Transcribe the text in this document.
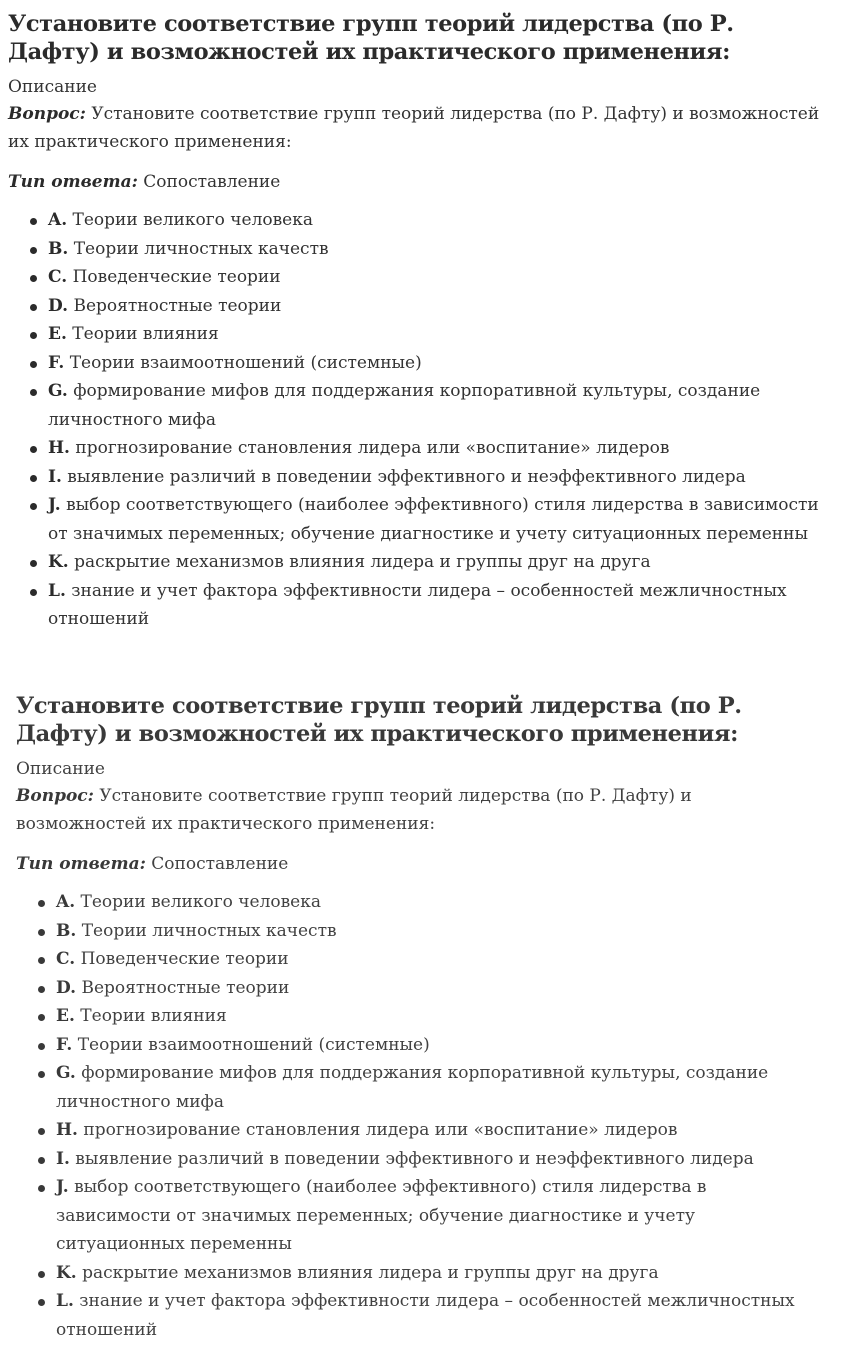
Установите соответствие групп теорий лидерства (по Р. Дафту) и возможностей их практического применения:

Описание

Вопрос: Установите соответствие групп теорий лидерства (по Р. Дафту) и возможностей их практического применения:

Тип ответа: Сопоставление

A. Теории великого человека
B. Теории личностных качеств
C. Поведенческие теории
D. Вероятностные теории
E. Теории влияния
F. Теории взаимоотношений (системные)
G. формирование мифов для поддержания корпоративной культуры, создание личностного мифа
H. прогнозирование становления лидера или «воспитание» лидеров
I. выявление различий в поведении эффективного и неэффективного лидера
J. выбор соответствующего (наиболее эффективного) стиля лидерства в зависимости от значимых переменных; обучение диагностике и учету ситуационных переменны
K. раскрытие механизмов влияния лидера и группы друг на друга
L. знание и учет фактора эффективности лидера – особенностей межличностных отношений
Установите соответствие групп теорий лидерства (по Р. Дафту) и возможностей их практического применения:

Описание

Вопрос: Установите соответствие групп теорий лидерства (по Р. Дафту) и возможностей их практического применения:

Тип ответа: Сопоставление

A. Теории великого человека
B. Теории личностных качеств
C. Поведенческие теории
D. Вероятностные теории
E. Теории влияния
F. Теории взаимоотношений (системные)
G. формирование мифов для поддержания корпоративной культуры, создание личностного мифа
H. прогнозирование становления лидера или «воспитание» лидеров
I. выявление различий в поведении эффективного и неэффективного лидера
J. выбор соответствующего (наиболее эффективного) стиля лидерства в зависимости от значимых переменных; обучение диагностике и учету ситуационных переменны
K. раскрытие механизмов влияния лидера и группы друг на друга
L. знание и учет фактора эффективности лидера – особенностей межличностных отношений
